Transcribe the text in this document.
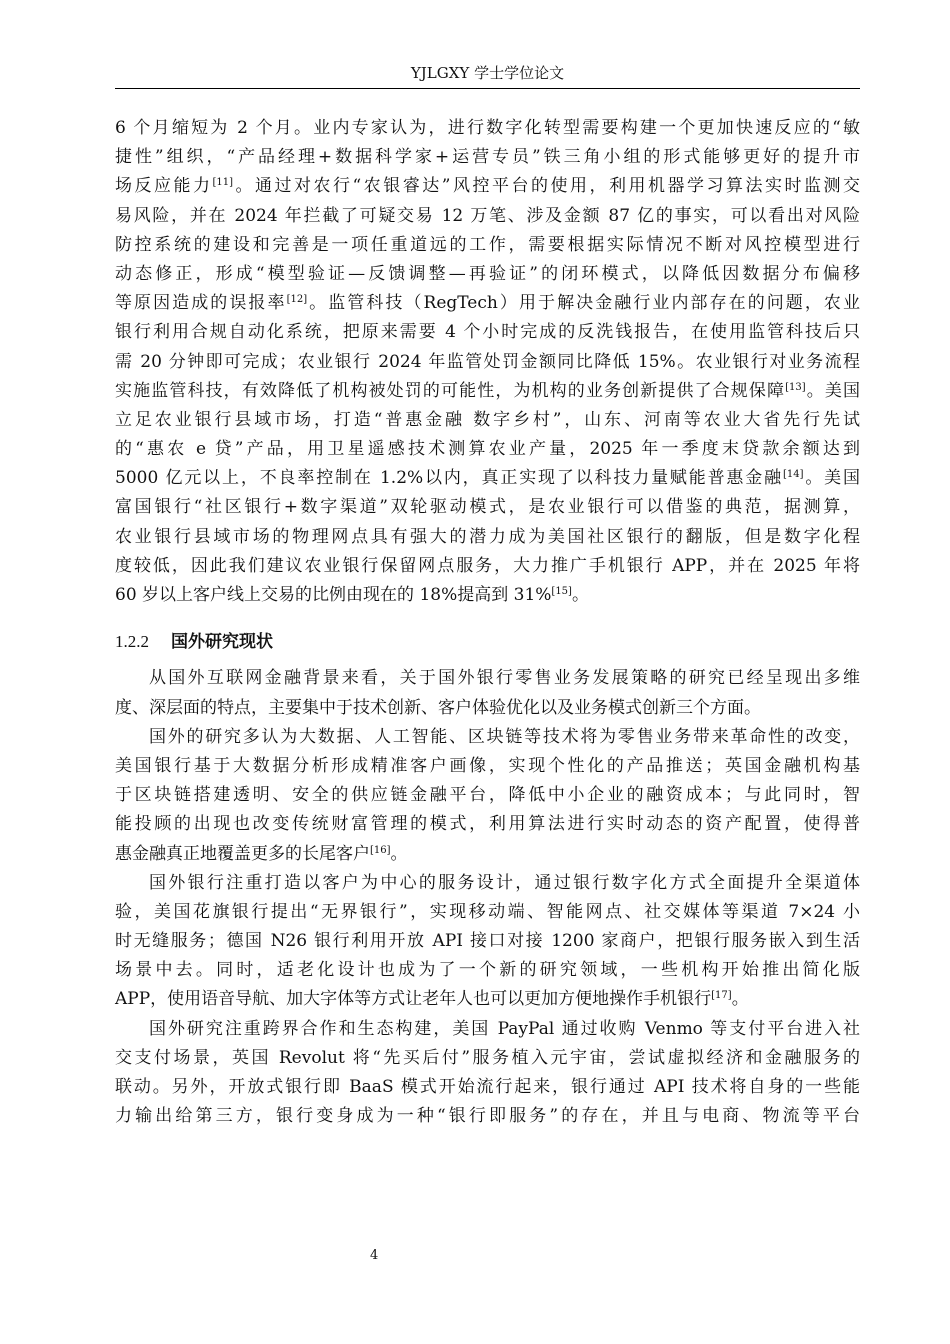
YJLGXY 学士学位论文
6 个月缩短为 2 个月。业内专家认为，进行数字化转型需要构建一个更加快速反应的“敏
捷性”组织，“产品经理+数据科学家+运营专员”铁三角小组的形式能够更好的提升市
场反应能力[11]。通过对农行“农银睿达”风控平台的使用，利用机器学习算法实时监测交
易风险，并在 2024 年拦截了可疑交易 12 万笔、涉及金额 87 亿的事实，可以看出对风险
防控系统的建设和完善是一项任重道远的工作，需要根据实际情况不断对风控模型进行
动态修正，形成“模型验证—反馈调整—再验证”的闭环模式，以降低因数据分布偏移
等原因造成的误报率[12]。监管科技（RegTech）用于解决金融行业内部存在的问题，农业
银行利用合规自动化系统，把原来需要 4 个小时完成的反洗钱报告，在使用监管科技后只
需 20 分钟即可完成；农业银行 2024 年监管处罚金额同比降低 15%。农业银行对业务流程
实施监管科技，有效降低了机构被处罚的可能性，为机构的业务创新提供了合规保障[13]。美国
立足农业银行县域市场，打造“普惠金融 数字乡村”，山东、河南等农业大省先行先试
的“惠农 e 贷”产品，用卫星遥感技术测算农业产量，2025 年一季度末贷款余额达到
5000 亿元以上，不良率控制在 1.2%以内，真正实现了以科技力量赋能普惠金融[14]。美国
富国银行“社区银行+数字渠道”双轮驱动模式，是农业银行可以借鉴的典范，据测算，
农业银行县域市场的物理网点具有强大的潜力成为美国社区银行的翻版，但是数字化程
度较低，因此我们建议农业银行保留网点服务，大力推广手机银行 APP，并在 2025 年将
60 岁以上客户线上交易的比例由现在的 18%提高到 31%[15]。
1.2.2 国外研究现状
从国外互联网金融背景来看，关于国外银行零售业务发展策略的研究已经呈现出多维
度、深层面的特点，主要集中于技术创新、客户体验优化以及业务模式创新三个方面。
国外的研究多认为大数据、人工智能、区块链等技术将为零售业务带来革命性的改变，
美国银行基于大数据分析形成精准客户画像，实现个性化的产品推送；英国金融机构基
于区块链搭建透明、安全的供应链金融平台，降低中小企业的融资成本；与此同时，智
能投顾的出现也改变传统财富管理的模式，利用算法进行实时动态的资产配置，使得普
惠金融真正地覆盖更多的长尾客户[16]。
国外银行注重打造以客户为中心的服务设计，通过银行数字化方式全面提升全渠道体
验，美国花旗银行提出“无界银行”，实现移动端、智能网点、社交媒体等渠道 7×24 小
时无缝服务；德国 N26 银行利用开放 API 接口对接 1200 家商户，把银行服务嵌入到生活
场景中去。同时，适老化设计也成为了一个新的研究领域，一些机构开始推出简化版
APP，使用语音导航、加大字体等方式让老年人也可以更加方便地操作手机银行[17]。
国外研究注重跨界合作和生态构建，美国 PayPal 通过收购 Venmo 等支付平台进入社
交支付场景，英国 Revolut 将“先买后付”服务植入元宇宙，尝试虚拟经济和金融服务的
联动。另外，开放式银行即 BaaS 模式开始流行起来，银行通过 API 技术将自身的一些能
力输出给第三方，银行变身成为一种“银行即服务”的存在，并且与电商、物流等平台
4
